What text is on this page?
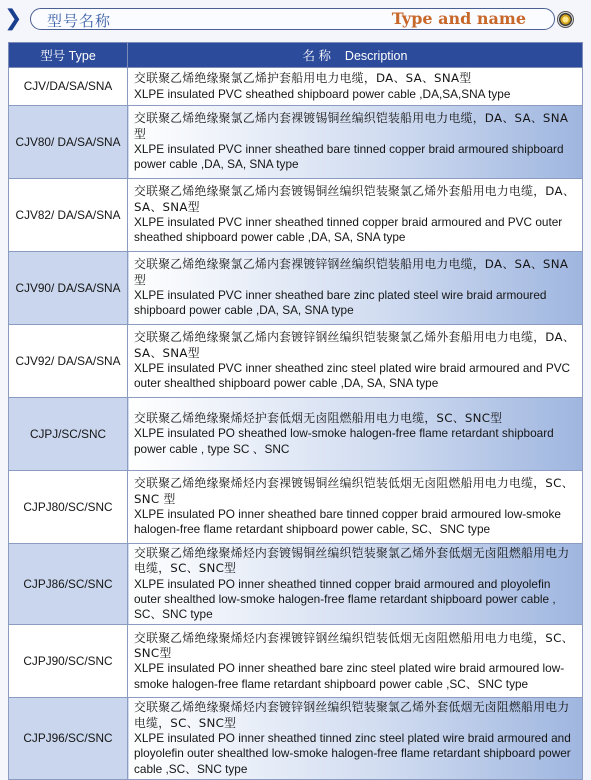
❯ 型号名称	Type and name
型号 Type	名 称    Description
CJV/DA/SA/SNA	交联聚乙烯绝缘聚氯乙烯护套船用电力电缆，DA、SA、SNA型
XLPE insulated PVC sheathed shipboard power cable ,DA,SA,SNA type

CJV80/ DA/SA/SNA	交联聚乙烯绝缘聚氯乙烯内套裸镀锡铜丝编织铠装船用电力电缆，DA、SA、SNA 型
XLPE insulated PVC inner sheathed bare tinned copper braid armoured shipboard power cable ,DA, SA, SNA type

CJV82/ DA/SA/SNA	交联聚乙烯绝缘聚氯乙烯内套镀锡铜丝编织铠装聚氯乙烯外套船用电力电缆，DA、SA、SNA型
XLPE insulated PVC inner sheathed tinned copper braid armoured and PVC outer sheathed shipboard power cable ,DA, SA, SNA type

CJV90/ DA/SA/SNA	交联聚乙烯绝缘聚氯乙烯内套裸镀锌钢丝编织铠装船用电力电缆，DA、SA、SNA 型
XLPE insulated PVC inner sheathed bare zinc plated steel wire braid armoured shipboard power cable ,DA, SA, SNA type

CJV92/ DA/SA/SNA	交联聚乙烯绝缘聚氯乙烯内套镀锌钢丝编织铠装聚氯乙烯外套船用电力电缆，DA、SA、SNA型
XLPE insulated PVC inner sheathed zinc steel plated wire braid armoured and PVC outer shealthed shipboard power cable ,DA, SA, SNA type

CJPJ/SC/SNC	交联聚乙烯绝缘聚烯烃护套低烟无卤阻燃船用电力电缆，SC、SNC型
XLPE insulated PO sheathed low-smoke halogen-free flame retardant shipboard power cable , type SC 、SNC

CJPJ80/SC/SNC	交联聚乙烯绝缘聚烯烃内套裸镀锡铜丝编织铠装低烟无卤阻燃船用电力电缆，SC、SNC 型
XLPE insulated PO inner sheathed bare tinned copper braid armoured low-smoke halogen-free flame retardant shipboard power cable, SC、SNC type

CJPJ86/SC/SNC	交联聚乙烯绝缘聚烯烃内套镀锡铜丝编织铠装聚氯乙烯外套低烟无卤阻燃船用电力电缆，SC、SNC型
XLPE insulated PO inner sheathed tinned copper braid armoured and ployolefin outer shealthed low-smoke halogen-free flame retardant shipboard power cable , SC、SNC type

CJPJ90/SC/SNC	交联聚乙烯绝缘聚烯烃内套裸镀锌钢丝编织铠装低烟无卤阻燃船用电力电缆，SC、SNC型
XLPE insulated PO inner sheathed bare zinc steel plated wire braid armoured low-smoke halogen-free flame retardant shipboard power cable ,SC、SNC type

CJPJ96/SC/SNC	交联聚乙烯绝缘聚烯烃内套镀锌钢丝编织铠装聚氯乙烯外套低烟无卤阻燃船用电力电缆，SC、SNC型
XLPE insulated PO inner sheathed tinned zinc steel plated wire braid armoured and ployolefin outer shealthed low-smoke halogen-free flame retardant shipboard power cable ,SC、SNC type
